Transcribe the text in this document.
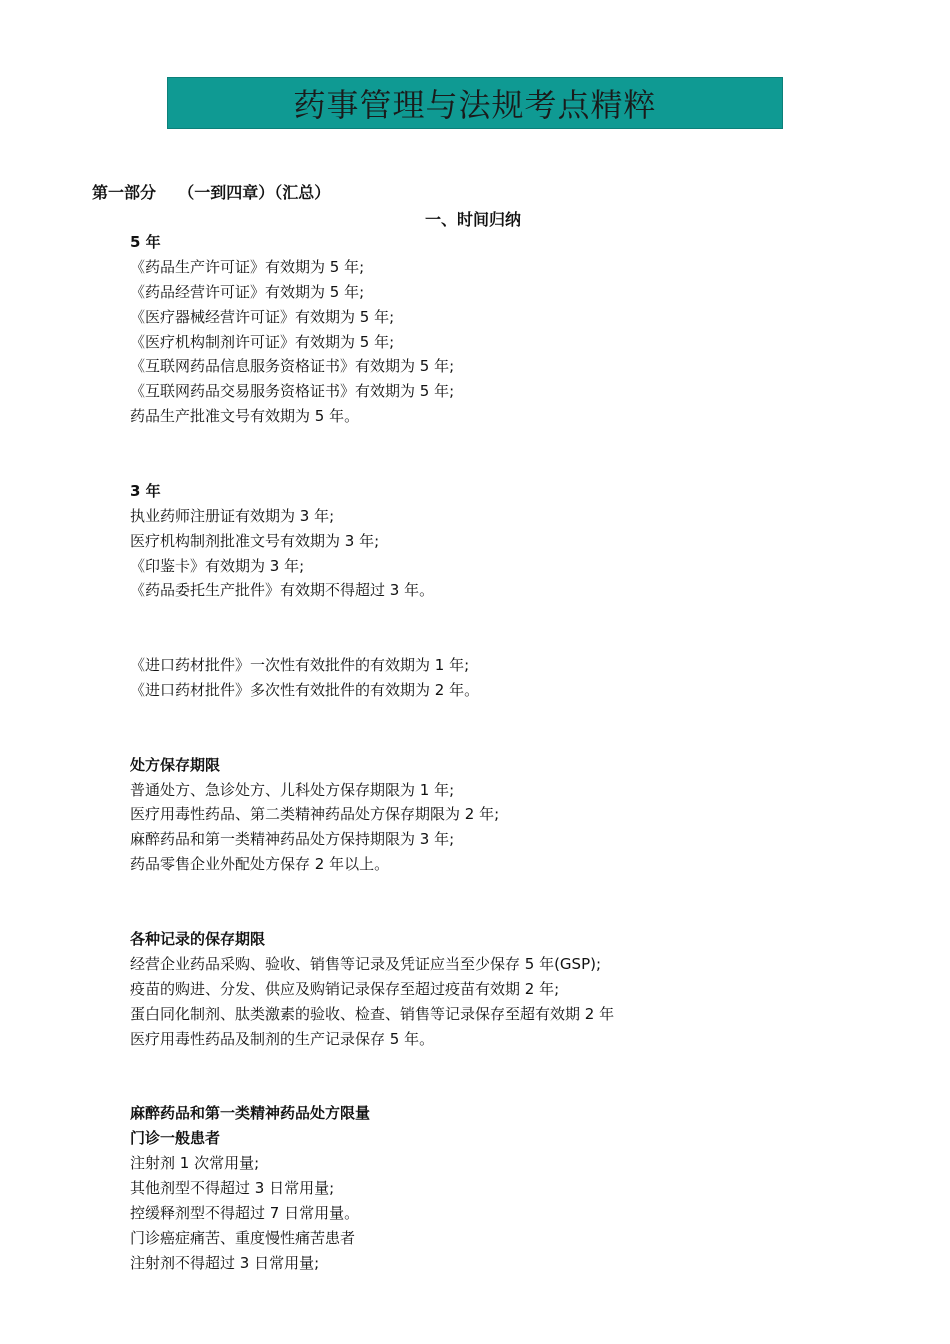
药事管理与法规考点精粹
第一部分    （一到四章）（汇总）
一、时间归纳
5 年
《药品生产许可证》有效期为 5 年;
《药品经营许可证》有效期为 5 年;
《医疗器械经营许可证》有效期为 5 年;
《医疗机构制剂许可证》有效期为 5 年;
《互联网药品信息服务资格证书》有效期为 5 年;
《互联网药品交易服务资格证书》有效期为 5 年;
药品生产批准文号有效期为 5 年。
3 年
执业药师注册证有效期为 3 年;
医疗机构制剂批准文号有效期为 3 年;
《印鉴卡》有效期为 3 年;
《药品委托生产批件》有效期不得超过 3 年。
《进口药材批件》一次性有效批件的有效期为 1 年;
《进口药材批件》多次性有效批件的有效期为 2 年。
处方保存期限
普通处方、急诊处方、儿科处方保存期限为 1 年;
医疗用毒性药品、第二类精神药品处方保存期限为 2 年;
麻醉药品和第一类精神药品处方保持期限为 3 年;
药品零售企业外配处方保存 2 年以上。
各种记录的保存期限
经营企业药品采购、验收、销售等记录及凭证应当至少保存 5 年(GSP);
疫苗的购进、分发、供应及购销记录保存至超过疫苗有效期 2 年;
蛋白同化制剂、肽类激素的验收、检查、销售等记录保存至超有效期 2 年
医疗用毒性药品及制剂的生产记录保存 5 年。
麻醉药品和第一类精神药品处方限量
门诊一般患者
注射剂 1 次常用量;
其他剂型不得超过 3 日常用量;
控缓释剂型不得超过 7 日常用量。
门诊癌症痛苦、重度慢性痛苦患者
注射剂不得超过 3 日常用量;
